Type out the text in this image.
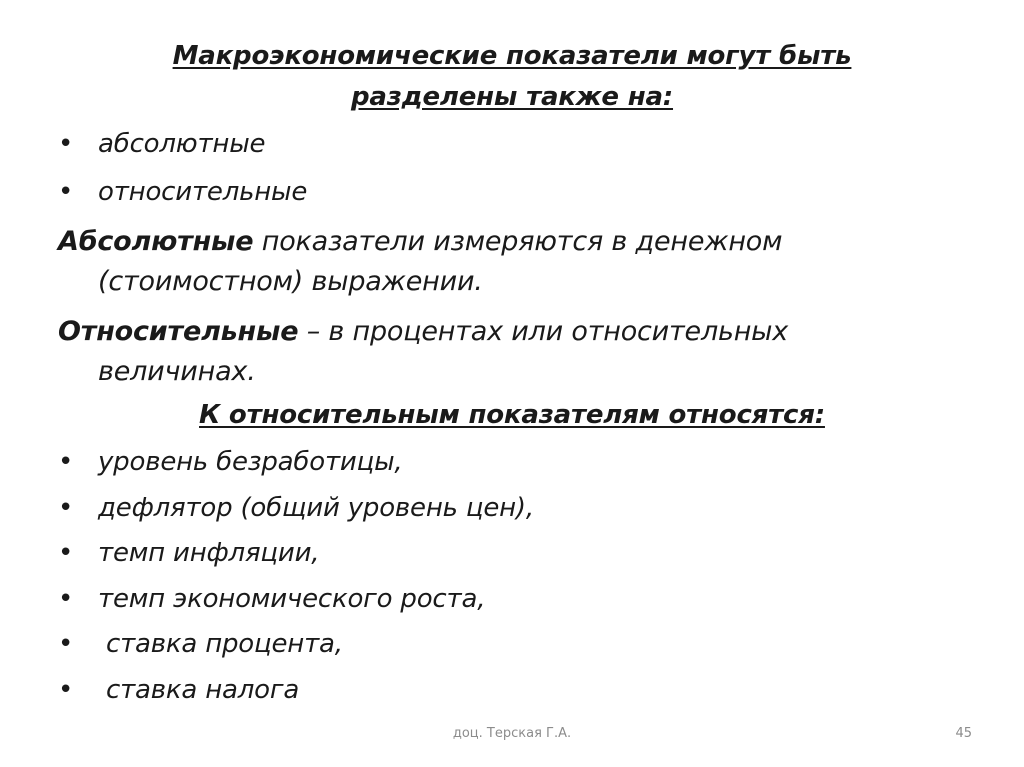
Макроэкономические показатели могут быть
разделены также на:
• абсолютные
• относительные
Абсолютные показатели измеряются в денежном
(стоимостном) выражении.
Относительные – в процентах или относительных
величинах.
К относительным показателям относятся:
• уровень безработицы,
• дефлятор (общий уровень цен),
• темп инфляции,
• темп экономического роста,
• ставка процента,
• ставка налога
доц. Терская Г.А.	45
